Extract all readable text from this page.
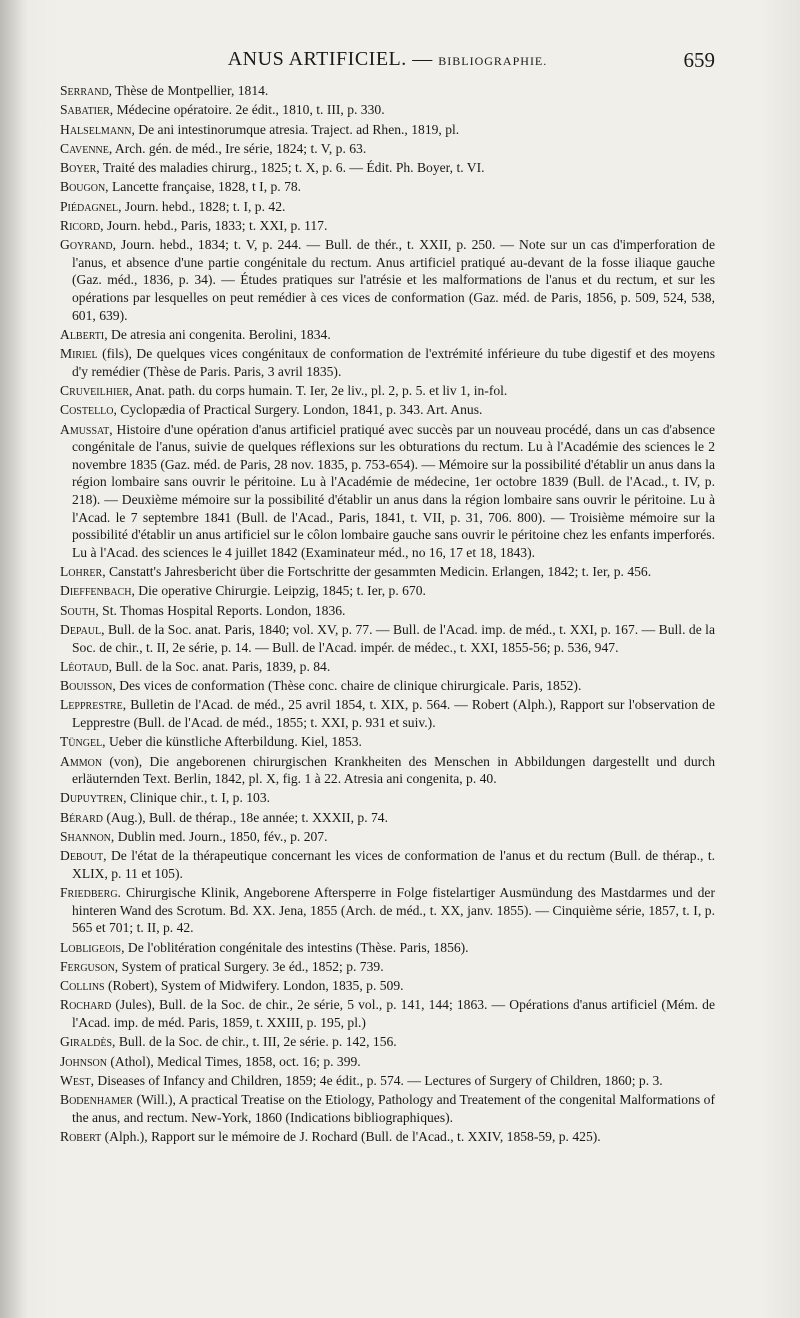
ANUS ARTIFICIEL. — BIBLIOGRAPHIE.	659

Serrand, Thèse de Montpellier, 1814.

Sabatier, Médecine opératoire. 2e édit., 1810, t. III, p. 330.

Halselmann, De ani intestinorumque atresia. Traject. ad Rhen., 1819, pl.

Cavenne, Arch. gén. de méd., Ire série, 1824; t. V, p. 63.

Boyer, Traité des maladies chirurg., 1825; t. X, p. 6. — Édit. Ph. Boyer, t. VI.

Bougon, Lancette française, 1828, t I, p. 78.

Piédagnel, Journ. hebd., 1828; t. I, p. 42.

Ricord, Journ. hebd., Paris, 1833; t. XXI, p. 117.

Goyrand, Journ. hebd., 1834; t. V, p. 244. — Bull. de thér., t. XXII, p. 250. — Note sur un cas d'imperforation de l'anus, et absence d'une partie congénitale du rectum. Anus artificiel pratiqué au-devant de la fosse iliaque gauche (Gaz. méd., 1836, p. 34). — Études pratiques sur l'atrésie et les malformations de l'anus et du rectum, et sur les opérations par lesquelles on peut remédier à ces vices de conformation (Gaz. méd. de Paris, 1856, p. 509, 524, 538, 601, 639).

Alberti, De atresia ani congenita. Berolini, 1834.

Miriel (fils), De quelques vices congénitaux de conformation de l'extrémité inférieure du tube digestif et des moyens d'y remédier (Thèse de Paris. Paris, 3 avril 1835).

Cruveilhier, Anat. path. du corps humain. T. Ier, 2e liv., pl. 2, p. 5. et liv 1, in-fol.

Costello, Cyclopædia of Practical Surgery. London, 1841, p. 343. Art. Anus.

Amussat, Histoire d'une opération d'anus artificiel pratiqué avec succès par un nouveau procédé, dans un cas d'absence congénitale de l'anus, suivie de quelques réflexions sur les obturations du rectum. Lu à l'Académie des sciences le 2 novembre 1835 (Gaz. méd. de Paris, 28 nov. 1835, p. 753-654). — Mémoire sur la possibilité d'établir un anus dans la région lombaire sans ouvrir le péritoine. Lu à l'Académie de médecine, 1er octobre 1839 (Bull. de l'Acad., t. IV, p. 218). — Deuxième mémoire sur la possibilité d'établir un anus dans la région lombaire sans ouvrir le péritoine. Lu à l'Acad. le 7 septembre 1841 (Bull. de l'Acad., Paris, 1841, t. VII, p. 31, 706. 800). — Troisième mémoire sur la possibilité d'établir un anus artificiel sur le côlon lombaire gauche sans ouvrir le péritoine chez les enfants imperforés. Lu à l'Acad. des sciences le 4 juillet 1842 (Examinateur méd., no 16, 17 et 18, 1843).

Lohrer, Canstatt's Jahresbericht über die Fortschritte der gesammten Medicin. Erlangen, 1842; t. Ier, p. 456.

Dieffenbach, Die operative Chirurgie. Leipzig, 1845; t. Ier, p. 670.

South, St. Thomas Hospital Reports. London, 1836.

Depaul, Bull. de la Soc. anat. Paris, 1840; vol. XV, p. 77. — Bull. de l'Acad. imp. de méd., t. XXI, p. 167. — Bull. de la Soc. de chir., t. II, 2e série, p. 14. — Bull. de l'Acad. impér. de médec., t. XXI, 1855-56; p. 536, 947.

Léotaud, Bull. de la Soc. anat. Paris, 1839, p. 84.

Bouisson, Des vices de conformation (Thèse conc. chaire de clinique chirurgicale. Paris, 1852).

Lepprestre, Bulletin de l'Acad. de méd., 25 avril 1854, t. XIX, p. 564. — Robert (Alph.), Rapport sur l'observation de Lepprestre (Bull. de l'Acad. de méd., 1855; t. XXI, p. 931 et suiv.).

Tüngel, Ueber die künstliche Afterbildung. Kiel, 1853.

Ammon (von), Die angeborenen chirurgischen Krankheiten des Menschen in Abbildungen dargestellt und durch erläuternden Text. Berlin, 1842, pl. X, fig. 1 à 22. Atresia ani congenita, p. 40.

Dupuytren, Clinique chir., t. I, p. 103.

Bérard (Aug.), Bull. de thérap., 18e année; t. XXXII, p. 74.

Shannon, Dublin med. Journ., 1850, fév., p. 207.

Debout, De l'état de la thérapeutique concernant les vices de conformation de l'anus et du rectum (Bull. de thérap., t. XLIX, p. 11 et 105).

Friedberg. Chirurgische Klinik, Angeborene Aftersperre in Folge fistelartiger Ausmündung des Mastdarmes und der hinteren Wand des Scrotum. Bd. XX. Jena, 1855 (Arch. de méd., t. XX, janv. 1855). — Cinquième série, 1857, t. I, p. 565 et 701; t. II, p. 42.

Lobligeois, De l'oblitération congénitale des intestins (Thèse. Paris, 1856).

Ferguson, System of pratical Surgery. 3e éd., 1852; p. 739.

Collins (Robert), System of Midwifery. London, 1835, p. 509.

Rochard (Jules), Bull. de la Soc. de chir., 2e série, 5 vol., p. 141, 144; 1863. — Opérations d'anus artificiel (Mém. de l'Acad. imp. de méd. Paris, 1859, t. XXIII, p. 195, pl.)

Giraldès, Bull. de la Soc. de chir., t. III, 2e série. p. 142, 156.

Johnson (Athol), Medical Times, 1858, oct. 16; p. 399.

West, Diseases of Infancy and Children, 1859; 4e édit., p. 574. — Lectures of Surgery of Children, 1860; p. 3.

Bodenhamer (Will.), A practical Treatise on the Etiology, Pathology and Treatement of the congenital Malformations of the anus, and rectum. New-York, 1860 (Indications bibliographiques).

Robert (Alph.), Rapport sur le mémoire de J. Rochard (Bull. de l'Acad., t. XXIV, 1858-59, p. 425).
